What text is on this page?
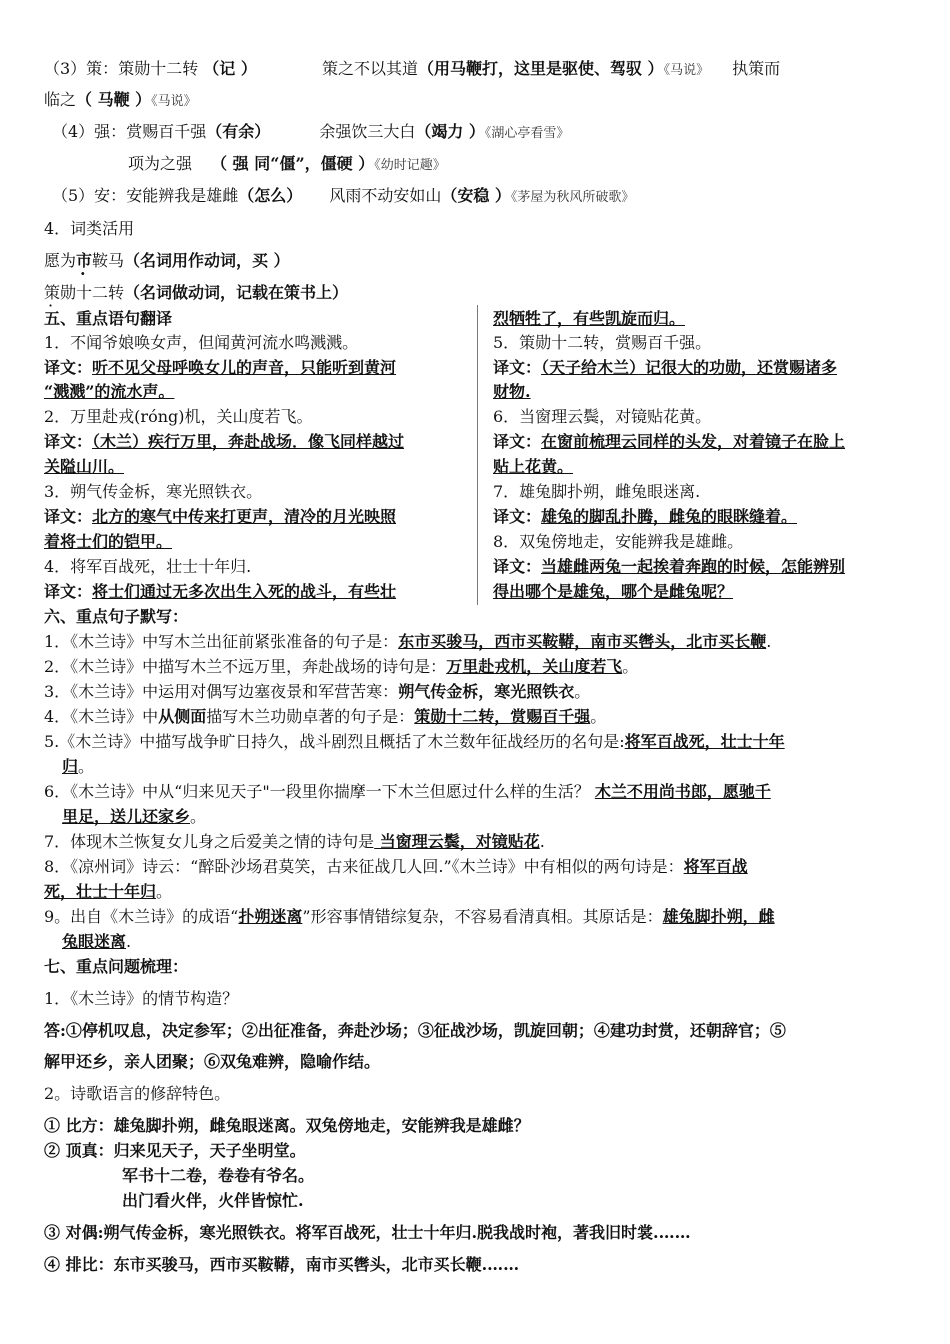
（3）策：策勋十二转 （记 ）	策之不以其道（用马鞭打，这里是驱使、驾驭 ）《马说》 执策而
临之（ 马鞭 ）《马说》
（4）强：赏赐百千强（有余）	余强饮三大白（竭力 ）《湖心亭看雪》
项为之强 （ 强 同“僵”，僵硬 ）《幼时记趣》
（5）安：安能辨我是雄雌（怎么） 风雨不动安如山（安稳 ）《茅屋为秋风所破歌》
4．词类活用
愿为市鞍马（名词用作动词，买 ）
策勋十二转（名词做动词，记载在策书上）
五、重点语句翻译
1．不闻爷娘唤女声，但闻黄河流水鸣溅溅。
译文：听不见父母呼唤女儿的声音，只能听到黄河
“溅溅”的流水声。
2．万里赴戎(róng)机，关山度若飞。
译文：（木兰）疾行万里，奔赴战场．像飞同样越过
关隘山川。
3．朔气传金柝，寒光照铁衣。
译文：北方的寒气中传来打更声，清冷的月光映照
着将士们的铠甲。
4．将军百战死，壮士十年归.
译文：将士们通过无多次出生入死的战斗，有些壮
烈牺牲了，有些凯旋而归。
5．策勋十二转，赏赐百千强。
译文：（天子给木兰）记很大的功勋，还赏赐诸多
财物.
6．当窗理云鬓，对镜贴花黄。
译文：在窗前梳理云同样的头发，对着镜子在脸上
贴上花黄。
7．雄兔脚扑朔，雌兔眼迷离.
译文：雄兔的脚乱扑腾，雌兔的眼眯缝着。
8．双兔傍地走，安能辨我是雄雌。
译文：当雄雌两兔一起挨着奔跑的时候，怎能辨别
得出哪个是雄兔，哪个是雌兔呢？
六、重点句子默写：
1．《木兰诗》中写木兰出征前紧张准备的句子是：东市买骏马，西市买鞍鞯，南市买辔头，北市买长鞭.
2．《木兰诗》中描写木兰不远万里，奔赴战场的诗句是：万里赴戎机，关山度若飞。
3．《木兰诗》中运用对偶写边塞夜景和军营苦寒：朔气传金柝，寒光照铁衣。
4．《木兰诗》中从侧面描写木兰功勋卓著的句子是：策勋十二转，赏赐百千强。
5.《木兰诗》中描写战争旷日持久，战斗剧烈且概括了木兰数年征战经历的名句是:将军百战死，壮士十年
归。
6．《木兰诗》中从“归来见天子"一段里你揣摩一下木兰但愿过什么样的生活？ 木兰不用尚书郎，愿驰千
里足，送儿还家乡。
7．体现木兰恢复女儿身之后爱美之情的诗句是 当窗理云鬓，对镜贴花.
8．《凉州词》诗云：“醉卧沙场君莫笑，古来征战几人回.”《木兰诗》中有相似的两句诗是：将军百战
死，壮士十年归。
9。出自《木兰诗》的成语“扑朔迷离”形容事情错综复杂，不容易看清真相。其原话是：雄兔脚扑朔，雌
兔眼迷离.
七、重点问题梳理：
1．《木兰诗》的情节构造？
答:①停机叹息，决定参军；②出征准备，奔赴沙场；③征战沙场，凯旋回朝；④建功封赏，还朝辞官；⑤
解甲还乡，亲人团聚；⑥双兔难辨，隐喻作结。
2。诗歌语言的修辞特色。
① 比方：雄兔脚扑朔，雌兔眼迷离。双兔傍地走，安能辨我是雄雌？
② 顶真：归来见天子，天子坐明堂。
军书十二卷，卷卷有爷名。
出门看火伴，火伴皆惊忙.
③ 对偶:朔气传金柝，寒光照铁衣。将军百战死，壮士十年归.脱我战时袍，著我旧时裳.……
④ 排比：东市买骏马，西市买鞍鞯，南市买辔头，北市买长鞭.……
